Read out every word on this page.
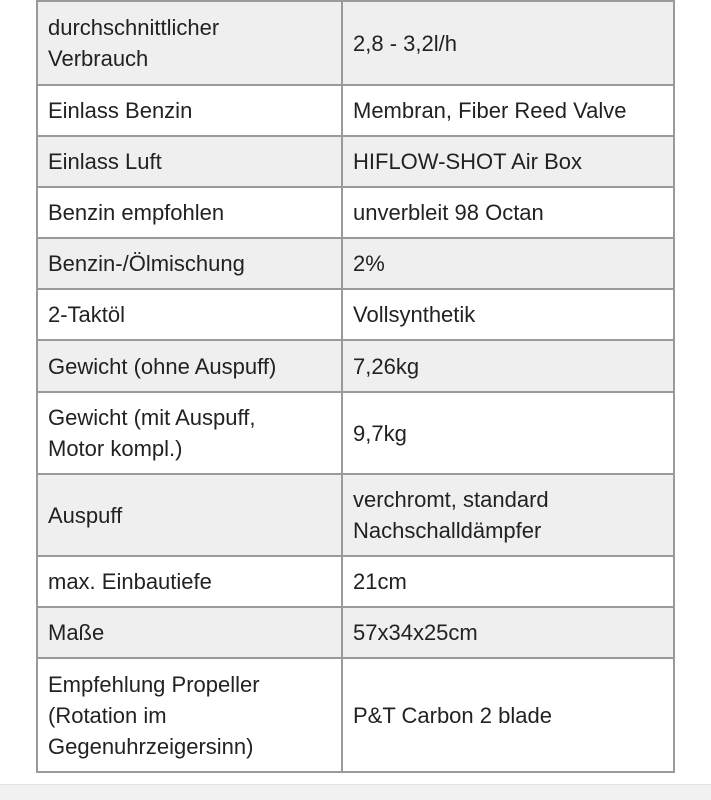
durchschnittlicher
Verbrauch	2,8 - 3,2l/h
Einlass Benzin	Membran, Fiber Reed Valve
Einlass Luft	HIFLOW-SHOT Air Box
Benzin empfohlen	unverbleit 98 Octan
Benzin-/Ölmischung	2%
2-Taktöl	Vollsynthetik
Gewicht (ohne Auspuff)	7,26kg
Gewicht (mit Auspuff,
Motor kompl.)	9,7kg
Auspuff	verchromt, standard
Nachschalldämpfer
max. Einbautiefe	21cm
Maße	57x34x25cm
Empfehlung Propeller
(Rotation im
Gegenuhrzeigersinn)	P&T Carbon 2 blade
